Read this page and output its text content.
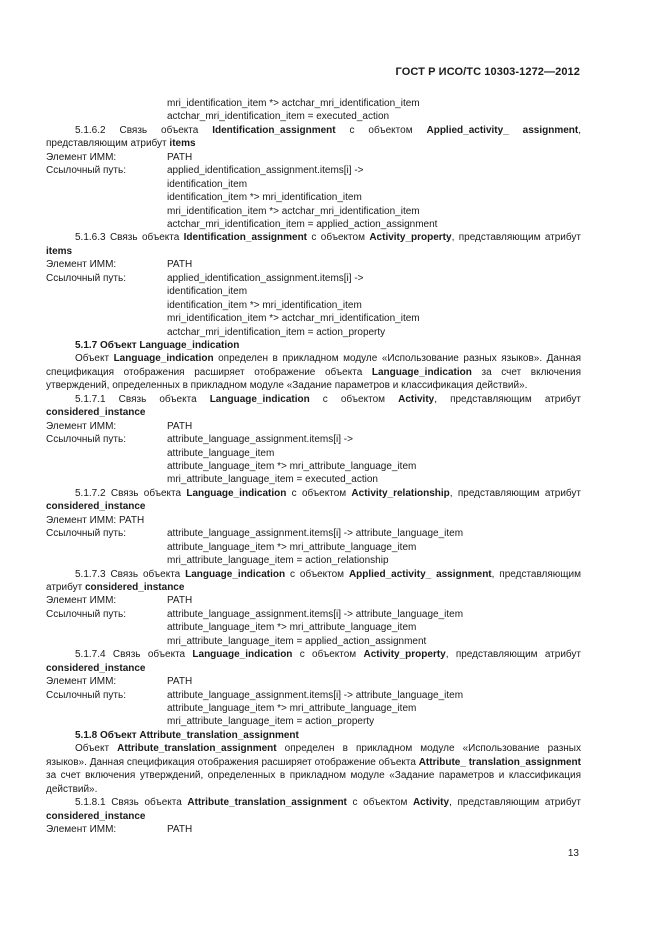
ГОСТ Р ИСО/ТС 10303-1272—2012
mri_identification_item *> actchar_mri_identification_item
actchar_mri_identification_item = executed_action
5.1.6.2 Связь объекта Identification_assignment с объектом Applied_activity_ assignment, представляющим атрибут items
Элемент ИММ:	PATH
Ссылочный путь:	applied_identification_assignment.items[i] ->
identification_item
identification_item *> mri_identification_item
mri_identification_item *> actchar_mri_identification_item
actchar_mri_identification_item = applied_action_assignment
5.1.6.3 Связь объекта Identification_assignment с объектом Activity_property, представляющим атрибут items
Элемент ИММ:	PATH
Ссылочный путь:	applied_identification_assignment.items[i] ->
identification_item
identification_item *> mri_identification_item
mri_identification_item *> actchar_mri_identification_item
actchar_mri_identification_item = action_property
5.1.7 Объект Language_indication
Объект Language_indication определен в прикладном модуле «Использование разных языков». Данная спецификация отображения расширяет отображение объекта Language_indication за счет включения утверждений, определенных в прикладном модуле «Задание параметров и классификация действий».
5.1.7.1 Связь объекта Language_indication с объектом Activity, представляющим атрибут considered_instance
Элемент ИММ:	PATH
Ссылочный путь:	attribute_language_assignment.items[i] ->
attribute_language_item
attribute_language_item *> mri_attribute_language_item
mri_attribute_language_item = executed_action
5.1.7.2 Связь объекта Language_indication с объектом Activity_relationship, представляющим атрибут considered_instance
Элемент ИММ: PATH
Ссылочный путь:	attribute_language_assignment.items[i] -> attribute_language_item
attribute_language_item *> mri_attribute_language_item
mri_attribute_language_item = action_relationship
5.1.7.3 Связь объекта Language_indication с объектом Applied_activity_ assignment, представляющим атрибут considered_instance
Элемент ИММ:	PATH
Ссылочный путь:	attribute_language_assignment.items[i] -> attribute_language_item
attribute_language_item *> mri_attribute_language_item
mri_attribute_language_item = applied_action_assignment
5.1.7.4 Связь объекта Language_indication с объектом Activity_property, представляющим атрибут considered_instance
Элемент ИММ:	PATH
Ссылочный путь:	attribute_language_assignment.items[i] -> attribute_language_item
attribute_language_item *> mri_attribute_language_item
mri_attribute_language_item = action_property
5.1.8 Объект Attribute_translation_assignment
Объект Attribute_translation_assignment определен в прикладном модуле «Использование разных языков». Данная спецификация отображения расширяет отображение объекта Attribute_ translation_assignment за счет включения утверждений, определенных в прикладном модуле «Задание параметров и классификация действий».
5.1.8.1 Связь объекта Attribute_translation_assignment с объектом Activity, представляющим атрибут considered_instance
Элемент ИММ:	PATH
13
